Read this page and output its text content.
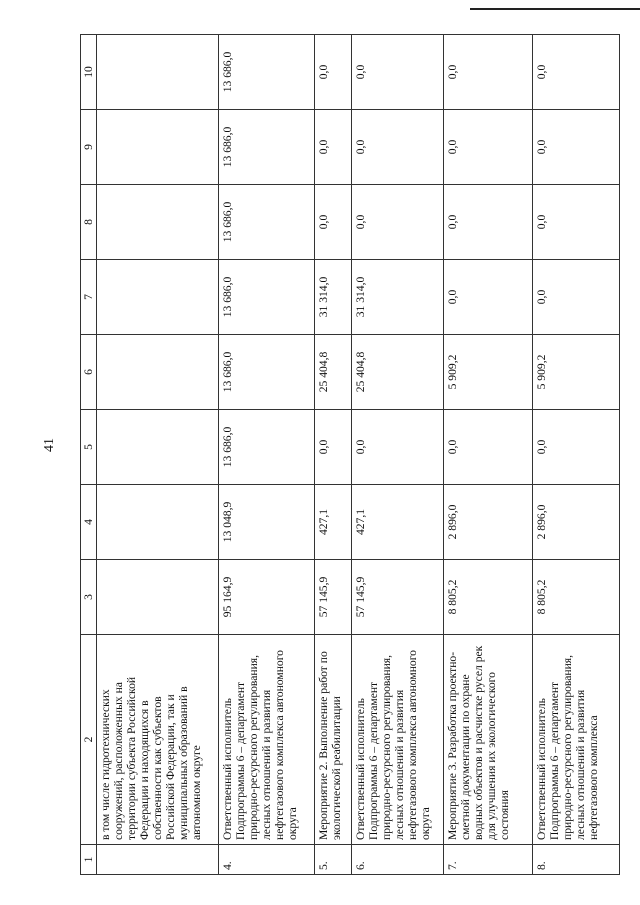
41
1	2	3	4	5	6	7	8	9	10
	в том числе гидротехнических сооружений, расположенных на территории субъекта Российской Федерации и находящихся в собственности как субъектов Российской Федерации, так и муниципальных образований в автономном округе								
4.	Ответственный исполнитель Подпрограммы 6 – департамент природно-ресурсного регулирования, лесных отношений и развития нефтегазового комплекса автономного округа	95 164,9	13 048,9	13 686,0	13 686,0	13 686,0	13 686,0	13 686,0	13 686,0
5.	Мероприятие 2. Выполнение работ по экологической реабилитации	57 145,9	427,1	0,0	25 404,8	31 314,0	0,0	0,0	0,0
6.	Ответственный исполнитель Подпрограммы 6 – департамент природно-ресурсного регулирования, лесных отношений и развития нефтегазового комплекса автономного округа	57 145,9	427,1	0,0	25 404,8	31 314,0	0,0	0,0	0,0
7.	Мероприятие 3. Разработка проектно-сметной документации по охране водных объектов и расчистке русел рек для улучшения их экологического состояния	8 805,2	2 896,0	0,0	5 909,2	0,0	0,0	0,0	0,0
8.	Ответственный исполнитель Подпрограммы 6 – департамент природно-ресурсного регулирования, лесных отношений и развития нефтегазового комплекса	8 805,2	2 896,0	0,0	5 909,2	0,0	0,0	0,0	0,0
